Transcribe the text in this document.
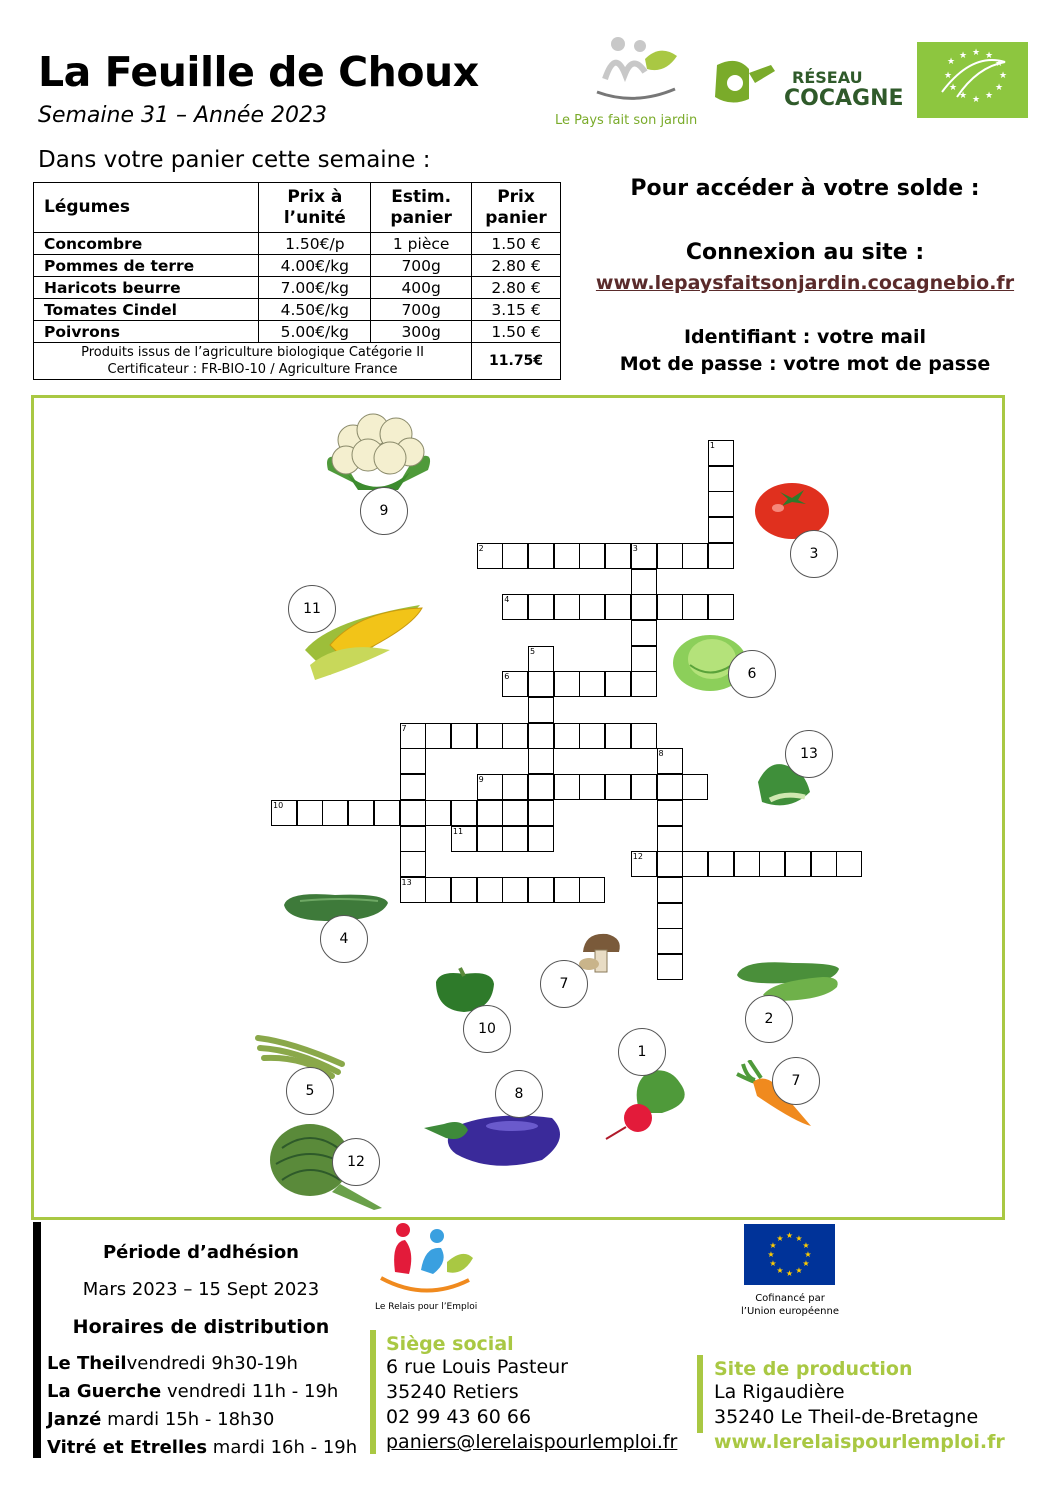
La Feuille de Choux
Semaine 31 – Année 2023	Le Pays fait son jardin
RÉSEAU
COCAGNE
★
★ ★ ★
★
★
★
★
★
★
★
★
Dans votre panier cette semaine :
Légumes	Prix à l’unité	Estim. panier	Prix panier
Concombre	1.50€/p	1 pièce	1.50 €
Pommes de terre	4.00€/kg	700g	2.80 €
Haricots beurre	7.00€/kg	400g	2.80 €
Tomates Cindel	4.50€/kg	700g	3.15 €
Poivrons	5.00€/kg	300g	1.50 €

Produits issus de l’agriculture biologique Catégorie II
Certificateur : FR-BIO-10 / Agriculture France			11.75€
Pour accéder à votre solde :
Connexion au site :
www.lepaysfaitsonjardin.cocagnebio.fr
Identifiant : votre mail
Mot de passe : votre mot de passe
1
2	3
4
5
6
7
8
9
10
11
12
13
9
3
11
6
13
4
7
2
10
1
7
5	8
12
Période d’adhésion
Mars 2023 – 15 Sept 2023
Horaires de distribution
Le Theilvendredi 9h30-19h
La Guerche vendredi 11h - 19h
Janzé mardi 15h - 18h30
Vitré et Etrelles mardi 16h - 19h
Le Relais pour l’Emploi
★ ★
★
★
★
★
★
★
★
★
★
★
Cofinancé par
l’Union européenne
Siège social
6 rue Louis Pasteur
35240 Retiers
02 99 43 60 66
paniers@lerelaispourlemploi.fr
Site de production
La Rigaudière
35240 Le Theil-de-Bretagne
www.lerelaispourlemploi.fr
